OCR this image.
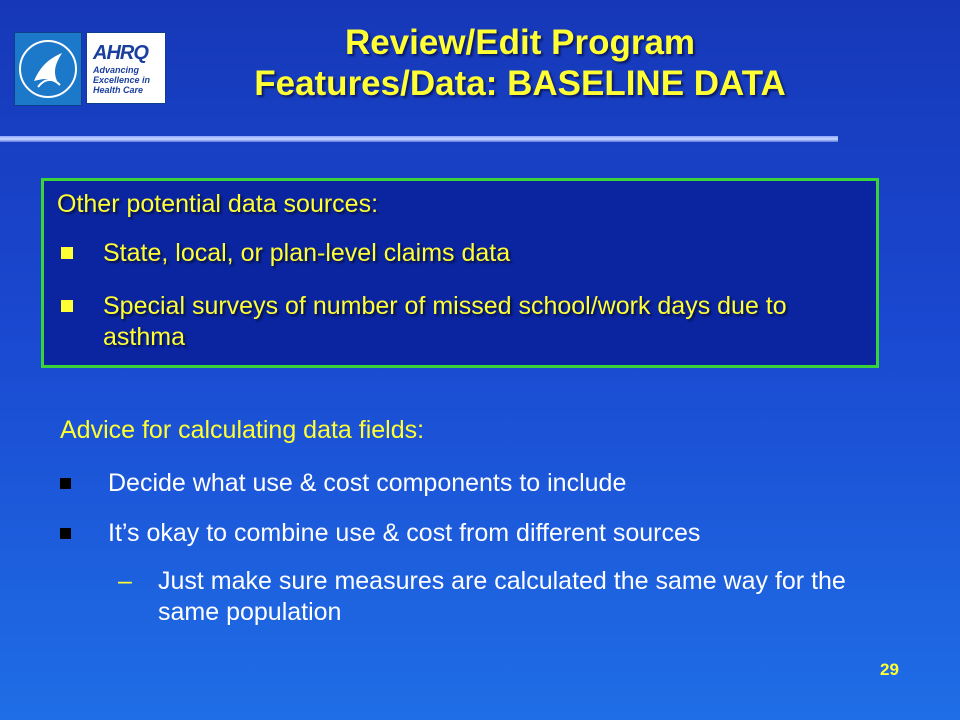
AHRQ
Advancing
Excellence in
Health Care
Review/Edit Program
Features/Data: BASELINE DATA
Other potential data sources:
State, local, or plan-level claims data
Special surveys of number of missed school/work days due to asthma
Advice for calculating data fields:
Decide what use & cost components to include
It’s okay to combine use & cost from different sources
– Just make sure measures are calculated the same way for the same population
29
